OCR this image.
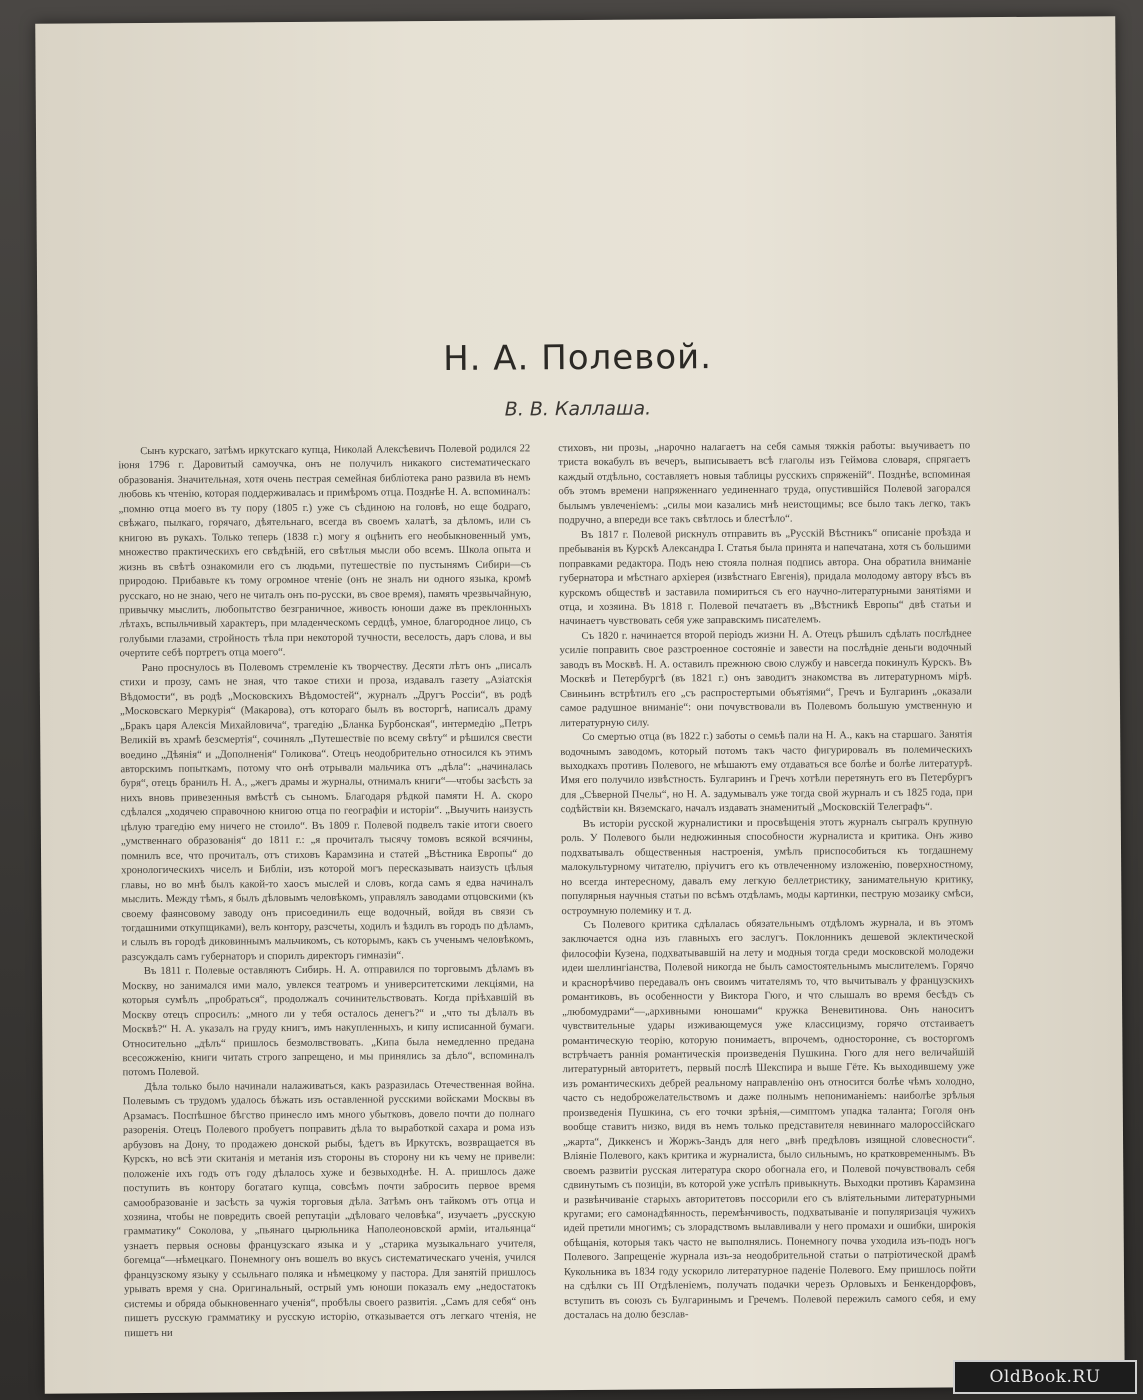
Н. А. Полевой.
В. В. Каллаша.

Сынъ курскаго, затѣмъ иркутскаго купца, Николай Алексѣевичъ Полевой родился 22 іюня 1796 г. Даровитый самоучка, онъ не получилъ никакого систематическаго образованія. Значительная, хотя очень пестрая семейная библіотека рано развила въ немъ любовь къ чтенію, которая поддерживалась и примѣромъ отца. Позднѣе Н. А. вспоминалъ: „помню отца моего въ ту пору (1805 г.) уже съ сѣдиною на головѣ, но еще бодраго, свѣжаго, пылкаго, горячаго, дѣятельнаго, всегда въ своемъ халатѣ, за дѣломъ, или съ книгою въ рукахъ. Только теперь (1838 г.) могу я оцѣнить его необыкновенный умъ, множество практическихъ его свѣдѣній, его свѣтлыя мысли обо всемъ. Школа опыта и жизнь въ свѣтѣ ознакомили его съ людьми, путешествіе по пустынямъ Сибири—съ природою. Прибавьте къ тому огромное чтеніе (онъ не зналъ ни одного языка, кромѣ русскаго, но не знаю, чего не читалъ онъ по-русски, въ свое время), память чрезвычайную, привычку мыслить, любопытство безграничное, живость юноши даже въ преклонныхъ лѣтахъ, вспыльчивый характеръ, при младенческомъ сердцѣ, умное, благородное лицо, съ голубыми глазами, стройность тѣла при некоторой тучности, веселость, даръ слова, и вы очертите себѣ портретъ отца моего“.

Рано проснулось въ Полевомъ стремленіе къ творчеству. Десяти лѣтъ онъ „писалъ стихи и прозу, самъ не зная, что такое стихи и проза, издавалъ газету „Азіатскія Вѣдомости“, въ родѣ „Московскихъ Вѣдомостей“, журналъ „Другъ Россіи“, въ родѣ „Московскаго Меркурія“ (Макарова), отъ котораго былъ въ восторгѣ, написалъ драму „Бракъ царя Алексія Михайловича“, трагедію „Бланка Бурбонская“, интермедію „Петръ Великій въ храмѣ безсмертія“, сочинялъ „Путешествіе по всему свѣту“ и рѣшился свести воедино „Дѣянія“ и „Дополненія“ Голикова“. Отецъ неодобрительно относился къ этимъ авторскимъ попыткамъ, потому что онѣ отрывали мальчика отъ „дѣла“: „начиналась буря“, отецъ бранилъ Н. А., „жегъ драмы и журналы, отнималъ книги“—чтобы засѣсть за нихъ вновь привезенныя вмѣстѣ съ сыномъ. Благодаря рѣдкой памяти Н. А. скоро сдѣлался „ходячею справочною книгою отца по географіи и исторіи“. „Выучить наизусть цѣлую трагедію ему ничего не стоило“. Въ 1809 г. Полевой подвелъ такіе итоги своего „умственнаго образованія“ до 1811 г.: „я прочиталъ тысячу томовъ всякой всячины, помнилъ все, что прочиталъ, отъ стиховъ Карамзина и статей „Вѣстника Европы“ до хронологическихъ чиселъ и Библіи, изъ которой могъ пересказывать наизусть цѣлыя главы, но во мнѣ былъ какой-то хаосъ мыслей и словъ, когда самъ я едва начиналъ мыслить. Между тѣмъ, я былъ дѣловымъ человѣкомъ, управлялъ заводами отцовскими (къ своему фаянсовому заводу онъ присоединилъ еще водочный, войдя въ связи съ тогдашними откупщиками), велъ контору, разсчеты, ходилъ и ѣздилъ въ городъ по дѣламъ, и слылъ въ городѣ диковиннымъ мальчикомъ, съ которымъ, какъ съ ученымъ человѣкомъ, разсуждалъ самъ губернаторъ и спорилъ директоръ гимназіи“.

Въ 1811 г. Полевые оставляютъ Сибирь. Н. А. отправился по торговымъ дѣламъ въ Москву, но занимался ими мало, увлекся театромъ и университетскими лекціями, на которыя сумѣлъ „пробраться“, продолжалъ сочинительствовать. Когда пріѣхавшій въ Москву отецъ спросилъ: „много ли у тебя осталось денегъ?“ и „что ты дѣлалъ въ Москвѣ?“ Н. А. указалъ на груду книгъ, имъ накупленныхъ, и кипу исписанной бумаги. Относительно „дѣлъ“ пришлось безмолвствовать. „Кипа была немедленно предана всесожженію, книги читать строго запрещено, и мы принялись за дѣло“, вспоминалъ потомъ Полевой.

Дѣла только было начинали налаживаться, какъ разразилась Отечественная война. Полевымъ съ трудомъ удалось бѣжать изъ оставленной русскими войсками Москвы въ Арзамасъ. Поспѣшное бѣгство принесло имъ много убытковъ, довело почти до полнаго разоренія. Отецъ Полевого пробуетъ поправить дѣла то выработкой сахара и рома изъ арбузовъ на Дону, то продажею донской рыбы, ѣдетъ въ Иркутскъ, возвращается въ Курскъ, но всѣ эти скитанія и метанія изъ стороны въ сторону ни къ чему не привели: положеніе ихъ годъ отъ году дѣлалось хуже и безвыходнѣе. Н. А. пришлось даже поступить въ контору богатаго купца, совсѣмъ почти забросить первое время самообразованіе и засѣсть за чужія торговыя дѣла. Затѣмъ онъ тайкомъ отъ отца и хозяина, чтобы не повредить своей репутаціи „дѣловаго человѣка“, изучаетъ „русскую грамматику“ Соколова, у „пьянаго цырюльника Наполеоновской арміи, итальянца“ узнаетъ первыя основы французскаго языка и у „старика музыкальнаго учителя, богемца“—нѣмецкаго. Понемногу онъ вошелъ во вкусъ систематическаго ученія, учился французскому языку у ссыльнаго поляка и нѣмецкому у пастора. Для занятій пришлось урывать время у сна. Оригинальный, острый умъ юноши показалъ ему „недостатокъ системы и обряда обыкновеннаго ученія“, пробѣлы своего развитія. „Самъ для себя“ онъ пишетъ русскую грамматику и русскую исторію, отказывается отъ легкаго чтенія, не пишетъ ни

стиховъ, ни прозы, „нарочно налагаетъ на себя самыя тяжкія работы: выучиваетъ по триста вокабулъ въ вечеръ, выписываетъ всѣ глаголы изъ Геймова словаря, спрягаетъ каждый отдѣльно, составляетъ новыя таблицы русскихъ спряженій“. Позднѣе, вспоминая объ этомъ времени напряженнаго уединеннаго труда, опустившійся Полевой загорался былымъ увлеченіемъ: „силы мои казались мнѣ неистощимы; все было такъ легко, такъ подручно, а впереди все такъ свѣтлось и блестѣло“.

Въ 1817 г. Полевой рискнулъ отправить въ „Русскій Вѣстникъ“ описаніе проѣзда и пребыванія въ Курскѣ Александра I. Статья была принята и напечатана, хотя съ большими поправками редактора. Подъ нею стояла полная подпись автора. Она обратила вниманіе губернатора и мѣстнаго архіерея (извѣстнаго Евгенія), придала молодому автору вѣсъ въ курскомъ обществѣ и заставила помириться съ его научно-литературными занятіями и отца, и хозяина. Въ 1818 г. Полевой печатаетъ въ „Вѣстникѣ Европы“ двѣ статьи и начинаетъ чувствовать себя уже заправскимъ писателемъ.

Съ 1820 г. начинается второй періодъ жизни Н. А. Отецъ рѣшилъ сдѣлать послѣднее усиліе поправить свое разстроенное состояніе и завести на послѣдніе деньги водочный заводъ въ Москвѣ. Н. А. оставилъ прежнюю свою службу и навсегда покинулъ Курскъ. Въ Москвѣ и Петербургѣ (въ 1821 г.) онъ заводитъ знакомства въ литературномъ мірѣ. Свиньинъ встрѣтилъ его „съ распростертыми объятіями“, Гречъ и Булгаринъ „оказали самое радушное вниманіе“: они почувствовали въ Полевомъ большую умственную и литературную силу.

Со смертью отца (въ 1822 г.) заботы о семьѣ пали на Н. А., какъ на старшаго. Занятія водочнымъ заводомъ, который потомъ такъ часто фигурировалъ въ полемическихъ выходкахъ противъ Полевого, не мѣшаютъ ему отдаваться все болѣе и болѣе литературѣ. Имя его получило извѣстность. Булгаринъ и Гречъ хотѣли перетянуть его въ Петербургъ для „Сѣверной Пчелы“, но Н. А. задумывалъ уже тогда свой журналъ и съ 1825 года, при содѣйствіи кн. Вяземскаго, началъ издавать знаменитый „Московскій Телеграфъ“.

Въ исторіи русской журналистики и просвѣщенія этотъ журналъ сыгралъ крупную роль. У Полевого были недюжинныя способности журналиста и критика. Онъ живо подхватывалъ общественныя настроенія, умѣлъ приспособиться къ тогдашнему малокультурному читателю, пріучитъ его къ отвлеченному изложенію, поверхностному, но всегда интересному, давалъ ему легкую беллетристику, занимательную критику, популярныя научныя статьи по всѣмъ отдѣламъ, моды картинки, пеструю мозаику смѣси, остроумную полемику и т. д.

Съ Полевого критика сдѣлалась обязательнымъ отдѣломъ журнала, и въ этомъ заключается одна изъ главныхъ его заслугъ. Поклонникъ дешевой эклектической философіи Кузена, подхватывавшій на лету и модныя тогда среди московской молодежи идеи шеллингіанства, Полевой никогда не былъ самостоятельнымъ мыслителемъ. Горячо и краснорѣчиво передавалъ онъ своимъ читателямъ то, что вычитывалъ у французскихъ романтиковъ, въ особенности у Виктора Гюго, и что слышалъ во время бесѣдъ съ „любомудрами“—„архивными юношами“ кружка Веневитинова. Онъ наноситъ чувствительные удары изживающемуся уже классицизму, горячо отстаиваетъ романтическую теорію, которую понимаетъ, впрочемъ, односторонне, съ восторгомъ встрѣчаетъ раннія романтическія произведенія Пушкина. Гюго для него величайшій литературный авторитетъ, первый послѣ Шекспира и выше Гёте. Къ выходившему уже изъ романтическихъ дебрей реальному направленію онъ относится болѣе чѣмъ холодно, часто съ недоброжелательствомъ и даже полнымъ непониманіемъ: наиболѣе зрѣлыя произведенія Пушкина, съ его точки зрѣнія,—симптомъ упадка таланта; Гоголя онъ вообще ставитъ низко, видя въ немъ только представителя невиннаго малороссійскаго „жарта“, Диккенсъ и Жоржъ-Зандъ для него „внѣ предѣловъ изящной словесности“. Вліяніе Полевого, какъ критика и журналиста, было сильнымъ, но кратковременнымъ. Въ своемъ развитіи русская литература скоро обогнала его, и Полевой почувствовалъ себя сдвинутымъ съ позиціи, въ которой уже успѣлъ привыкнуть. Выходки противъ Карамзина и развѣнчиваніе старыхъ авторитетовъ поссорили его съ вліятельными литературными кругами; его самонадѣянность, перемѣнчивость, подхватываніе и популяризація чужихъ идей претили многимъ; съ злорадствомъ вылавливали у него промахи и ошибки, широкія обѣщанія, которыя такъ часто не выполнялись. Понемногу почва уходила изъ-подъ ногъ Полевого. Запрещеніе журнала изъ-за неодобрительной статьи о патріотической драмѣ Кукольника въ 1834 году ускорило литературное паденіе Полевого. Ему пришлось пойти на сдѣлки съ III Отдѣленіемъ, получать подачки черезъ Орловыхъ и Бенкендорфовъ, вступить въ союзъ съ Булгаринымъ и Гречемъ. Полевой пережилъ самого себя, и ему досталась на долю безслав-

OldBook.RU
